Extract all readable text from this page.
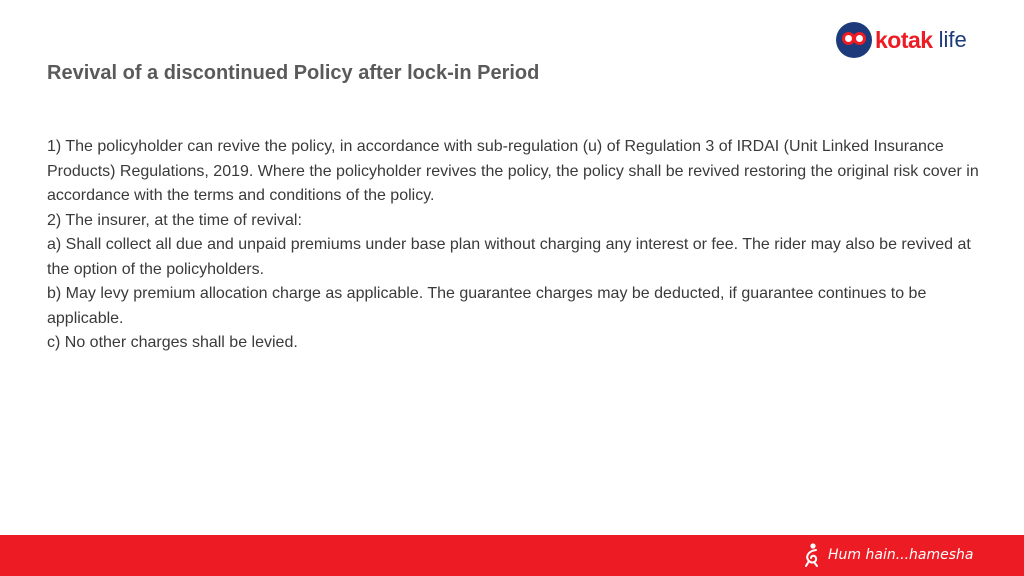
kotak life
Revival of a discontinued Policy after lock-in Period
1) The policyholder can revive the policy, in accordance with sub-regulation (u) of Regulation 3 of IRDAI (Unit Linked Insurance Products) Regulations, 2019. Where the policyholder revives the policy, the policy shall be revived restoring the original risk cover in accordance with the terms and conditions of the policy.
2) The insurer, at the time of revival:
a) Shall collect all due and unpaid premiums under base plan without charging any interest or fee. The rider may also be revived at the option of the policyholders.
b) May levy premium allocation charge as applicable. The guarantee charges may be deducted, if guarantee continues to be applicable.
c) No other charges shall be levied.
Hum hain...hamesha
